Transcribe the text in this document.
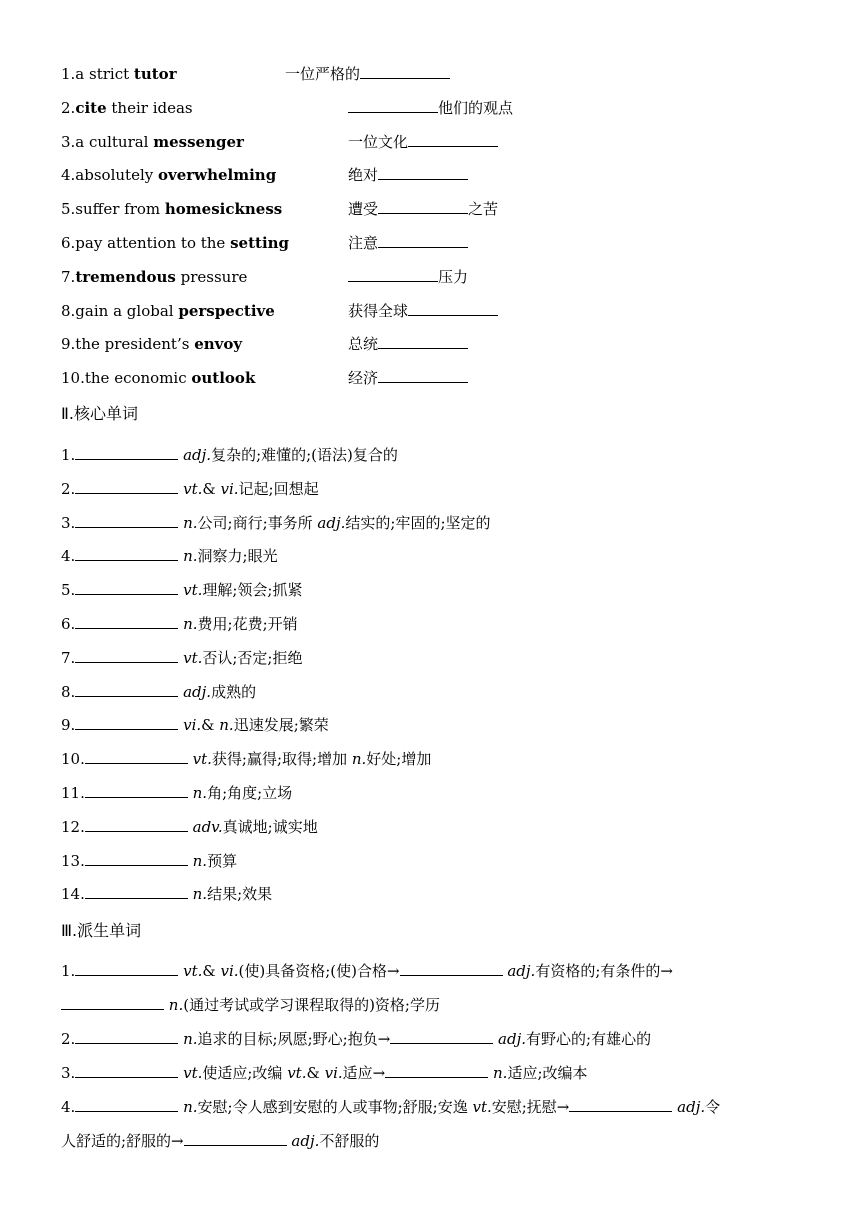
1.a strict tutor	一位严格的
2.cite their ideas	他们的观点
3.a cultural messenger	一位文化
4.absolutely overwhelming	绝对
5.suffer from homesickness	遭受	之苦
6.pay attention to the setting	注意
7.tremendous pressure	压力
8.gain a global perspective	获得全球
9.the president’s envoy	总统
10.the economic outlook	经济
Ⅱ.核心单词
1.	adj.复杂的;难懂的;(语法)复合的
2.	vt.& vi.记起;回想起
3.	n.公司;商行;事务所 adj.结实的;牢固的;坚定的
4.	n.洞察力;眼光
5.	vt.理解;领会;抓紧
6.	n.费用;花费;开销
7.	vt.否认;否定;拒绝
8.	adj.成熟的
9.	vi.& n.迅速发展;繁荣
10.	vt.获得;赢得;取得;增加 n.好处;增加
11.	n.角;角度;立场
12.	adv.真诚地;诚实地
13.	n.预算
14.	n.结果;效果
Ⅲ.派生单词
1.	vt.& vi.(使)具备资格;(使)合格→	adj.有资格的;有条件的→
n.(通过考试或学习课程取得的)资格;学历
2.	n.追求的目标;夙愿;野心;抱负→	adj.有野心的;有雄心的
3.	vt.使适应;改编 vt.& vi.适应→	n.适应;改编本
4.	n.安慰;令人感到安慰的人或事物;舒服;安逸 vt.安慰;抚慰→	adj.令
人舒适的;舒服的→	adj.不舒服的
